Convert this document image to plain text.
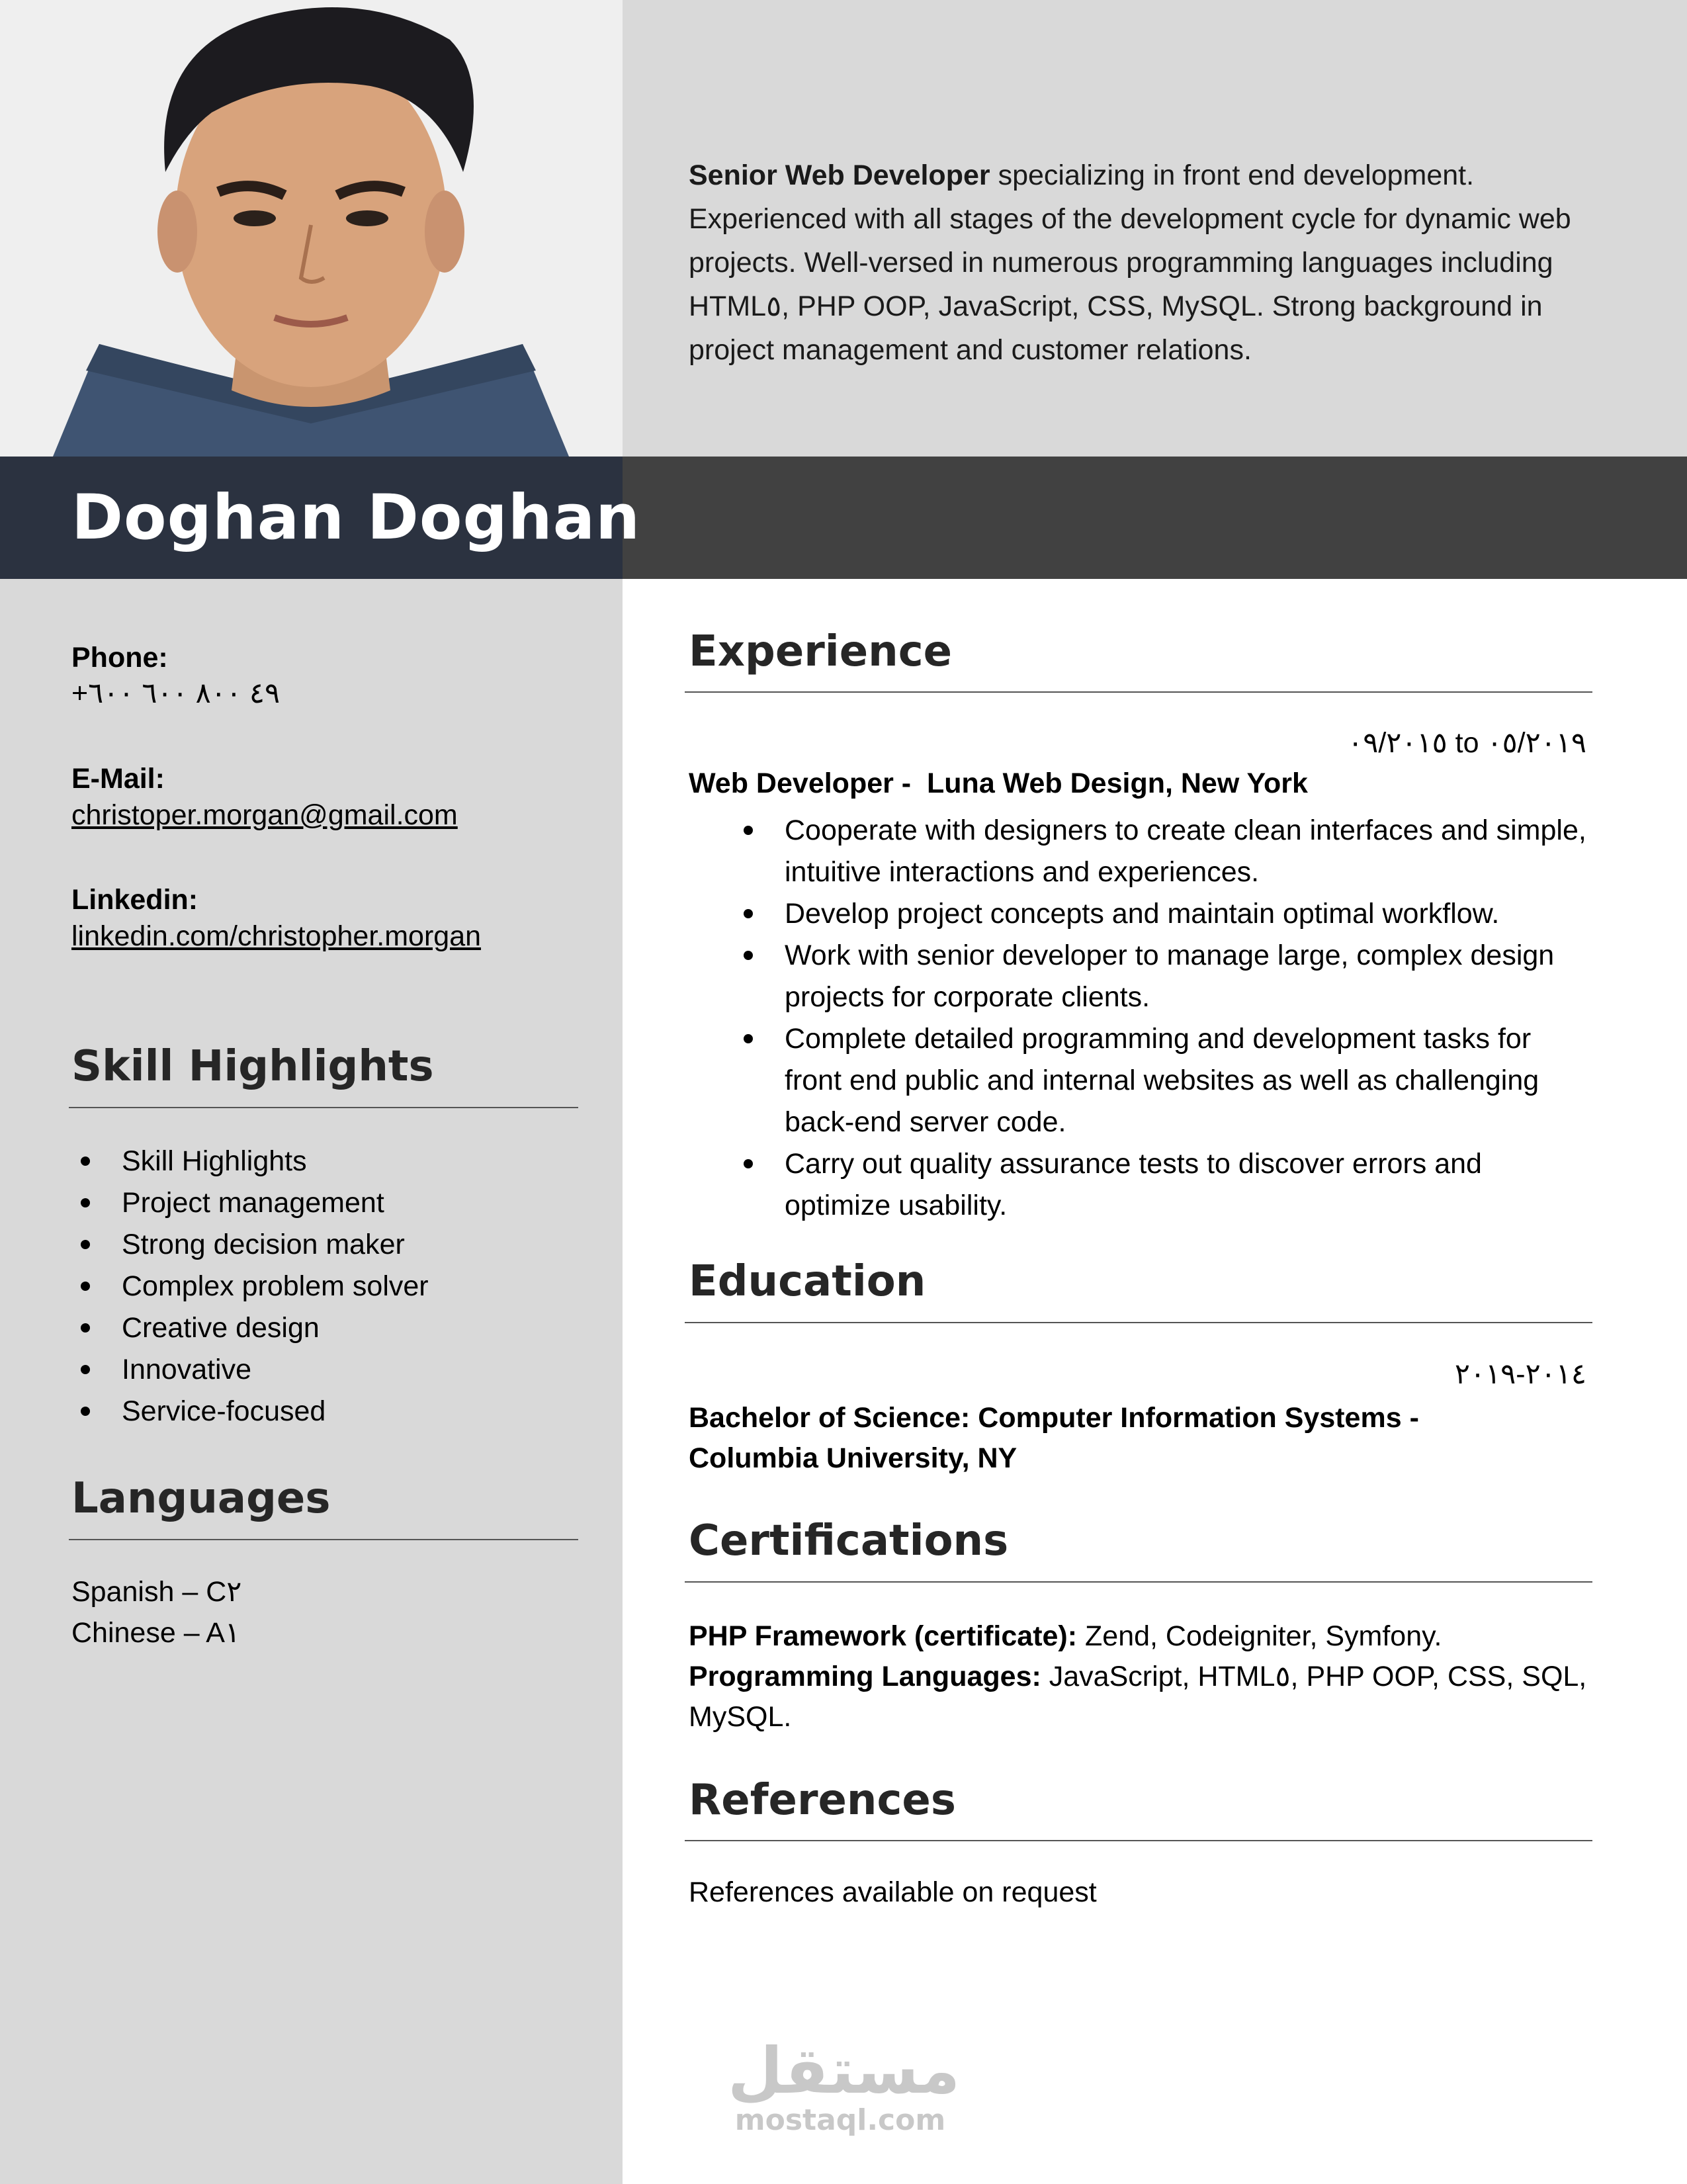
Doghan Doghan
Senior Web Developer specializing in front end development. Experienced with all stages of the development cycle for dynamic web projects. Well-versed in numerous programming languages including HTML٥, PHP OOP, JavaScript, CSS, MySQL. Strong background in project management and customer relations.
Phone:
+٤٩ ٨٠٠ ٦٠٠ ٦٠٠
E-Mail:
christoper.morgan@gmail.com
Linkedin:
linkedin.com/christopher.morgan
Skill Highlights
Skill Highlights
Project management
Strong decision maker
Complex problem solver
Creative design
Innovative
Service-focused
Languages
Spanish – C٢
Chinese – A١
Experience
٠٩/٢٠١٥ to ٠٥/٢٠١٩
Web Developer -  Luna Web Design, New York
Cooperate with designers to create clean interfaces and simple, intuitive interactions and experiences.
Develop project concepts and maintain optimal workflow.
Work with senior developer to manage large, complex design projects for corporate clients.
Complete detailed programming and development tasks for front end public and internal websites as well as challenging back-end server code.
Carry out quality assurance tests to discover errors and optimize usability.
Education
٢٠١٤-٢٠١٩
Bachelor of Science: Computer Information Systems - Columbia University, NY
Certifications
PHP Framework (certificate): Zend, Codeigniter, Symfony.
Programming Languages: JavaScript, HTML٥, PHP OOP, CSS, SQL, MySQL.
References
References available on request
مستقل
mostaql.com
